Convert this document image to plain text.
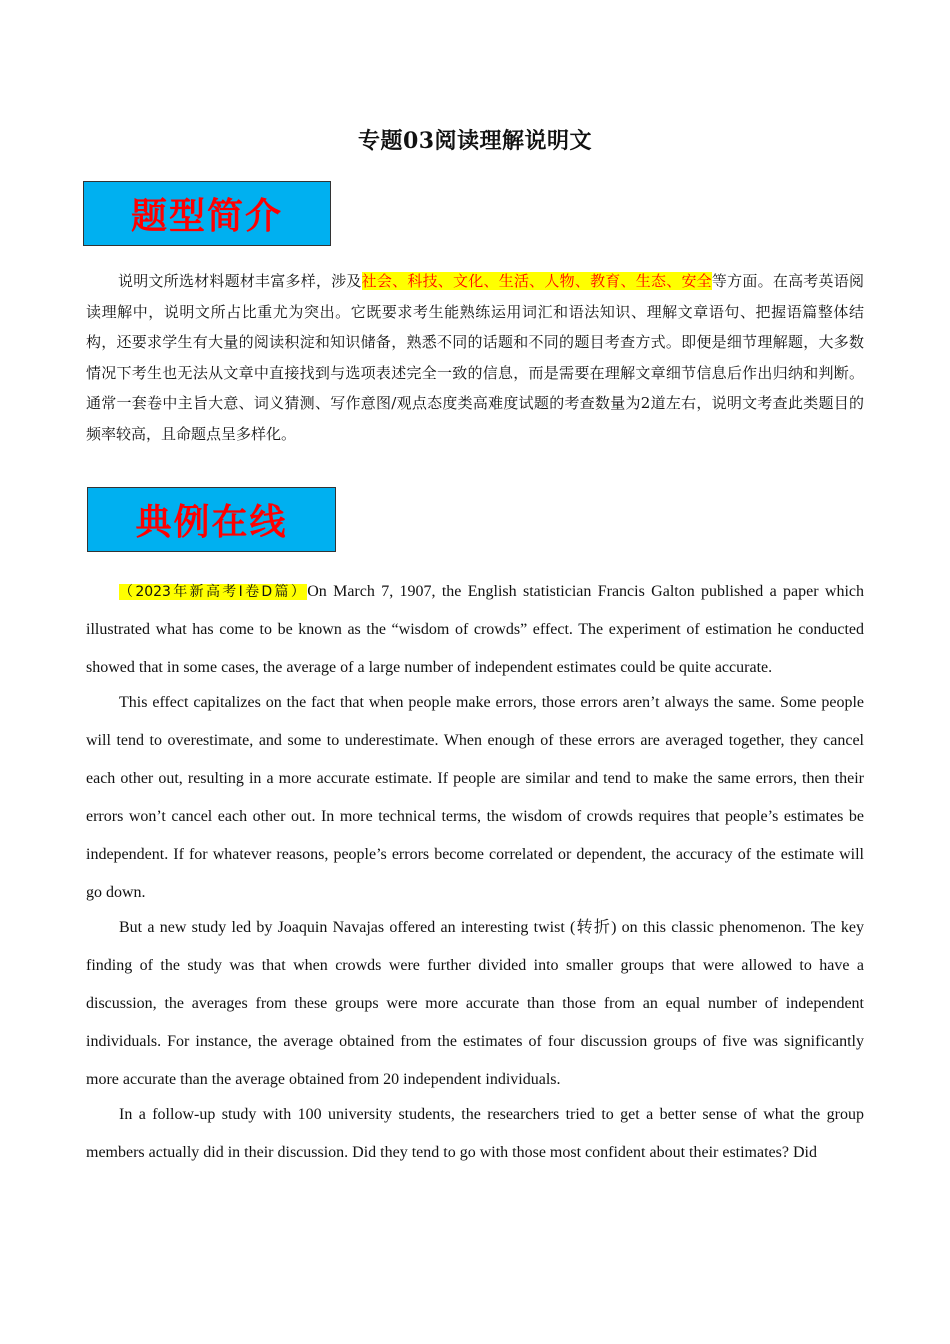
专题03阅读理解说明文
题型简介

说明文所选材料题材丰富多样，涉及社会、科技、文化、生活、人物、教育、生态、安全等方面。在高考英语阅读理解中，说明文所占比重尤为突出。它既要求考生能熟练运用词汇和语法知识、理解文章语句、把握语篇整体结构，还要求学生有大量的阅读积淀和知识储备，熟悉不同的话题和不同的题目考查方式。即便是细节理解题，大多数情况下考生也无法从文章中直接找到与选项表述完全一致的信息，而是需要在理解文章细节信息后作出归纳和判断。通常一套卷中主旨大意、词义猜测、写作意图/观点态度类高难度试题的考查数量为2道左右，说明文考查此类题目的频率较高，且命题点呈多样化。

典例在线

（2023年新高考I卷D篇）On March 7, 1907, the English statistician Francis Galton published a paper which illustrated what has come to be known as the “wisdom of crowds” effect. The experiment of estimation he conducted showed that in some cases, the average of a large number of independent estimates could be quite accurate.

This effect capitalizes on the fact that when people make errors, those errors aren’t always the same. Some people will tend to overestimate, and some to underestimate. When enough of these errors are averaged together, they cancel each other out, resulting in a more accurate estimate. If people are similar and tend to make the same errors, then their errors won’t cancel each other out. In more technical terms, the wisdom of crowds requires that people’s estimates be independent. If for whatever reasons, people’s errors become correlated or dependent, the accuracy of the estimate will go down.

But a new study led by Joaquin Navajas offered an interesting twist (转折) on this classic phenomenon. The key finding of the study was that when crowds were further divided into smaller groups that were allowed to have a discussion, the averages from these groups were more accurate than those from an equal number of independent individuals. For instance, the average obtained from the estimates of four discussion groups of five was significantly more accurate than the average obtained from 20 independent individuals.

In a follow-up study with 100 university students, the researchers tried to get a better sense of what the group members actually did in their discussion. Did they tend to go with those most confident about their estimates? Did
